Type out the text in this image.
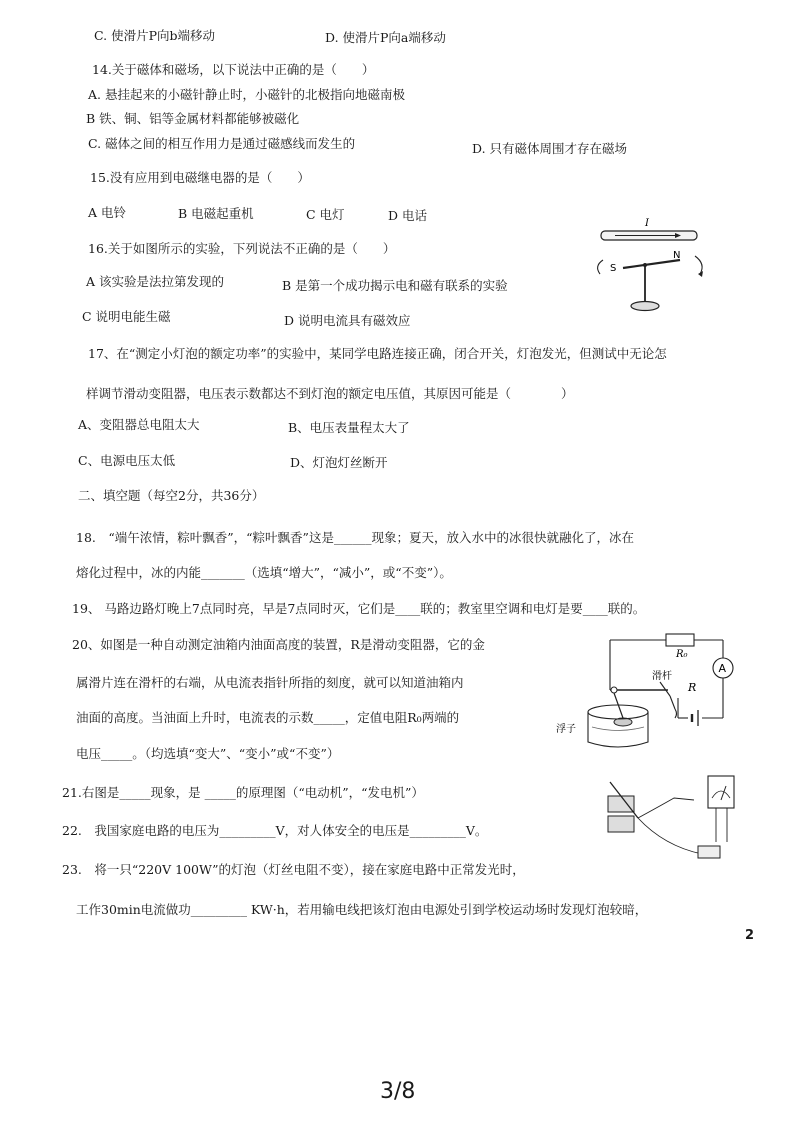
C. 使滑片P向b端移动	D. 使滑片P向a端移动
14.关于磁体和磁场，以下说法中正确的是（　　）
A. 悬挂起来的小磁针静止时，小磁针的北极指向地磁南极
B 铁、铜、铝等金属材料都能够被磁化
C. 磁体之间的相互作用力是通过磁感线而发生的	D. 只有磁体周围才存在磁场
15.没有应用到电磁继电器的是（　　）
A 电铃	B 电磁起重机	C 电灯	D 电话
16.关于如图所示的实验，下列说法不正确的是（　　）
A 该实验是法拉第发现的	B 是第一个成功揭示电和磁有联系的实验
C 说明电能生磁	D 说明电流具有磁效应
I
S
N
17、在“测定小灯泡的额定功率”的实验中，某同学电路连接正确，闭合开关，灯泡发光，但测试中无论怎
样调节滑动变阻器，电压表示数都达不到灯泡的额定电压值，其原因可能是（　　　　）
A、变阻器总电阻太大	B、电压表量程太大了
C、电源电压太低	D、灯泡灯丝断开
二、填空题（每空2分，共36分）
18.　“端午浓情，粽叶飘香”，“粽叶飘香”这是______现象；夏天，放入水中的冰很快就融化了，冰在
熔化过程中，冰的内能_______（选填“增大”，“减小”，或“不变”）。
19、 马路边路灯晚上7点同时亮，早是7点同时灭，它们是____联的；教室里空调和电灯是要____联的。
20、如图是一种自动测定油箱内油面高度的装置，R是滑动变阻器，它的金
属滑片连在滑杆的右端，从电流表指针所指的刻度，就可以知道油箱内
油面的高度。当油面上升时，电流表的示数_____，定值电阻R₀两端的
电压_____。（均选填“变大”、“变小”或“不变”）
A
R
R₀
滑杆
浮子
21.右图是_____现象，是 _____的原理图（“电动机”，“发电机”）
22.　我国家庭电路的电压为_________V，对人体安全的电压是_________V。
23.　将一只“220V 100W”的灯泡（灯丝电阻不变），接在家庭电路中正常发光时，
工作30min电流做功_________ KW·h，若用输电线把该灯泡由电源处引到学校运动场时发现灯泡较暗，
2
3/8
